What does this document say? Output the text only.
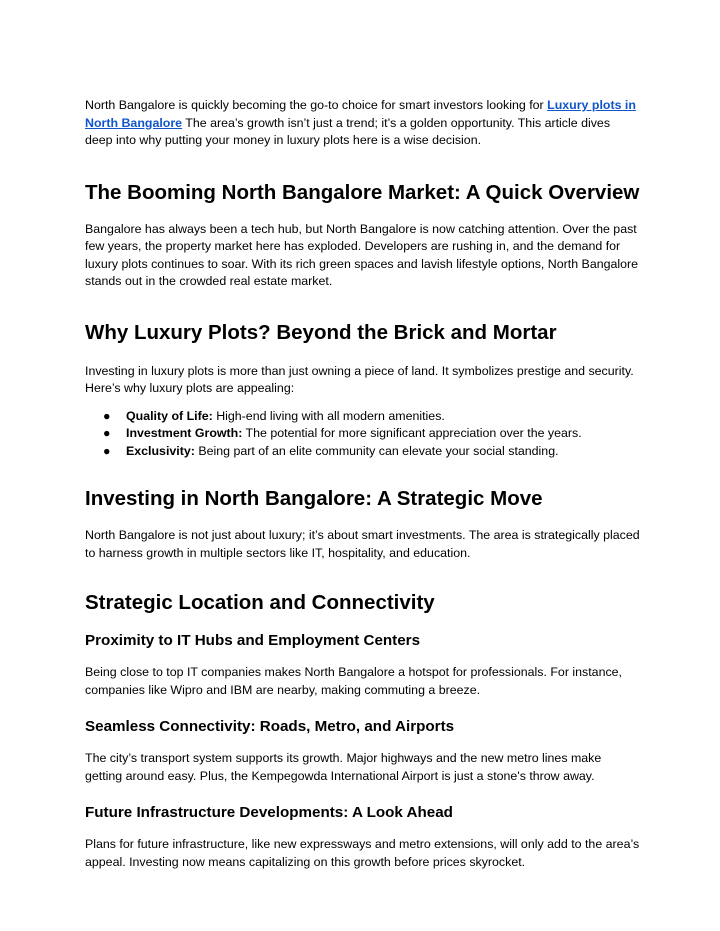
North Bangalore is quickly becoming the go-to choice for smart investors looking for Luxury plots in North Bangalore The area’s growth isn’t just a trend; it’s a golden opportunity. This article dives deep into why putting your money in luxury plots here is a wise decision.

The Booming North Bangalore Market: A Quick Overview

Bangalore has always been a tech hub, but North Bangalore is now catching attention. Over the past few years, the property market here has exploded. Developers are rushing in, and the demand for luxury plots continues to soar. With its rich green spaces and lavish lifestyle options, North Bangalore stands out in the crowded real estate market.

Why Luxury Plots? Beyond the Brick and Mortar

Investing in luxury plots is more than just owning a piece of land. It symbolizes prestige and security. Here’s why luxury plots are appealing:

● Quality of Life: High-end living with all modern amenities.
● Investment Growth: The potential for more significant appreciation over the years.
● Exclusivity: Being part of an elite community can elevate your social standing.
Investing in North Bangalore: A Strategic Move

North Bangalore is not just about luxury; it’s about smart investments. The area is strategically placed to harness growth in multiple sectors like IT, hospitality, and education.

Strategic Location and Connectivity
Proximity to IT Hubs and Employment Centers

Being close to top IT companies makes North Bangalore a hotspot for professionals. For instance, companies like Wipro and IBM are nearby, making commuting a breeze.

Seamless Connectivity: Roads, Metro, and Airports

The city’s transport system supports its growth. Major highways and the new metro lines make getting around easy. Plus, the Kempegowda International Airport is just a stone's throw away.

Future Infrastructure Developments: A Look Ahead

Plans for future infrastructure, like new expressways and metro extensions, will only add to the area’s appeal. Investing now means capitalizing on this growth before prices skyrocket.
